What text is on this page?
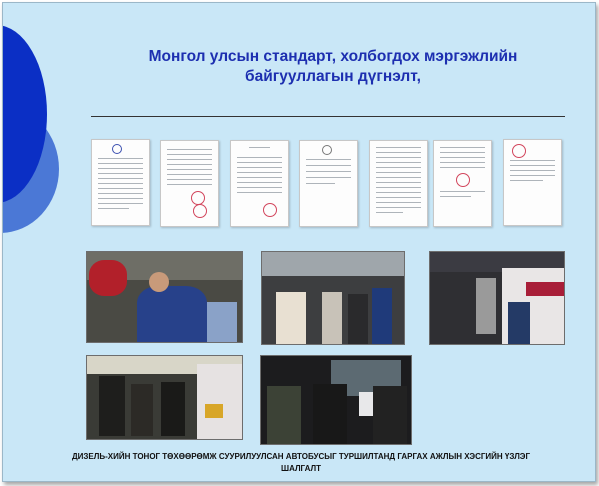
Монгол улсын стандарт, холбогдох мэргэжлийн
байгууллагын дүгнэлт,
ДИЗЕЛЬ-ХИЙН ТОНОГ ТӨХӨӨРӨМЖ СУУРИЛУУЛСАН АВТОБУСЫГ ТУРШИЛТАНД ГАРГАХ АЖЛЫН ХЭСГИЙН ҮЗЛЭГ
ШАЛГАЛТ
